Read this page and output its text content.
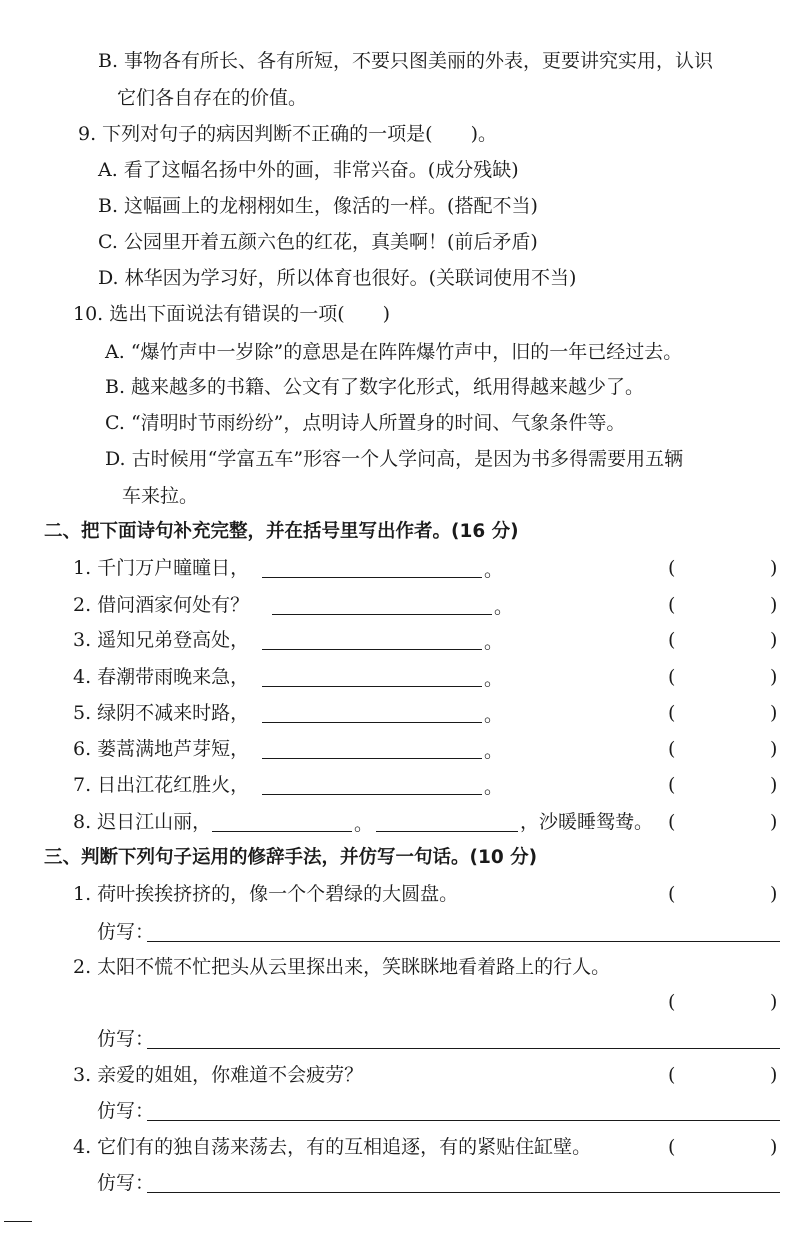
B. 事物各有所长、各有所短，不要只图美丽的外表，更要讲究实用，认识
它们各自存在的价值。
9. 下列对句子的病因判断不正确的一项是(　　)。
A. 看了这幅名扬中外的画，非常兴奋。(成分残缺)
B. 这幅画上的龙栩栩如生，像活的一样。(搭配不当)
C. 公园里开着五颜六色的红花，真美啊！(前后矛盾)
D. 林华因为学习好，所以体育也很好。(关联词使用不当)
10. 选出下面说法有错误的一项(　　)
A. “爆竹声中一岁除”的意思是在阵阵爆竹声中，旧的一年已经过去。
B. 越来越多的书籍、公文有了数字化形式，纸用得越来越少了。
C. “清明时节雨纷纷”，点明诗人所置身的时间、气象条件等。
D. 古时候用“学富五车”形容一个人学问高，是因为书多得需要用五辆
车来拉。
二、把下面诗句补充完整，并在括号里写出作者。(16 分)
1. 千门万户曈曈日，	。	(	)
2. 借问酒家何处有？	。	(	)
3. 遥知兄弟登高处，	。	(	)
4. 春潮带雨晚来急，	。	(	)
5. 绿阴不减来时路，	。	(	)
6. 蒌蒿满地芦芽短，	。	(	)
7. 日出江花红胜火，	。	(	)
8. 迟日江山丽，	。	，沙暖睡鸳鸯。 (	)
三、判断下列句子运用的修辞手法，并仿写一句话。(10 分)
1. 荷叶挨挨挤挤的，像一个个碧绿的大圆盘。	(	)
仿写：
2. 太阳不慌不忙把头从云里探出来，笑眯眯地看着路上的行人。
(	)
仿写：
3. 亲爱的姐姐，你难道不会疲劳？	(	)
仿写：
4. 它们有的独自荡来荡去，有的互相追逐，有的紧贴住缸壁。	(	)
仿写：
